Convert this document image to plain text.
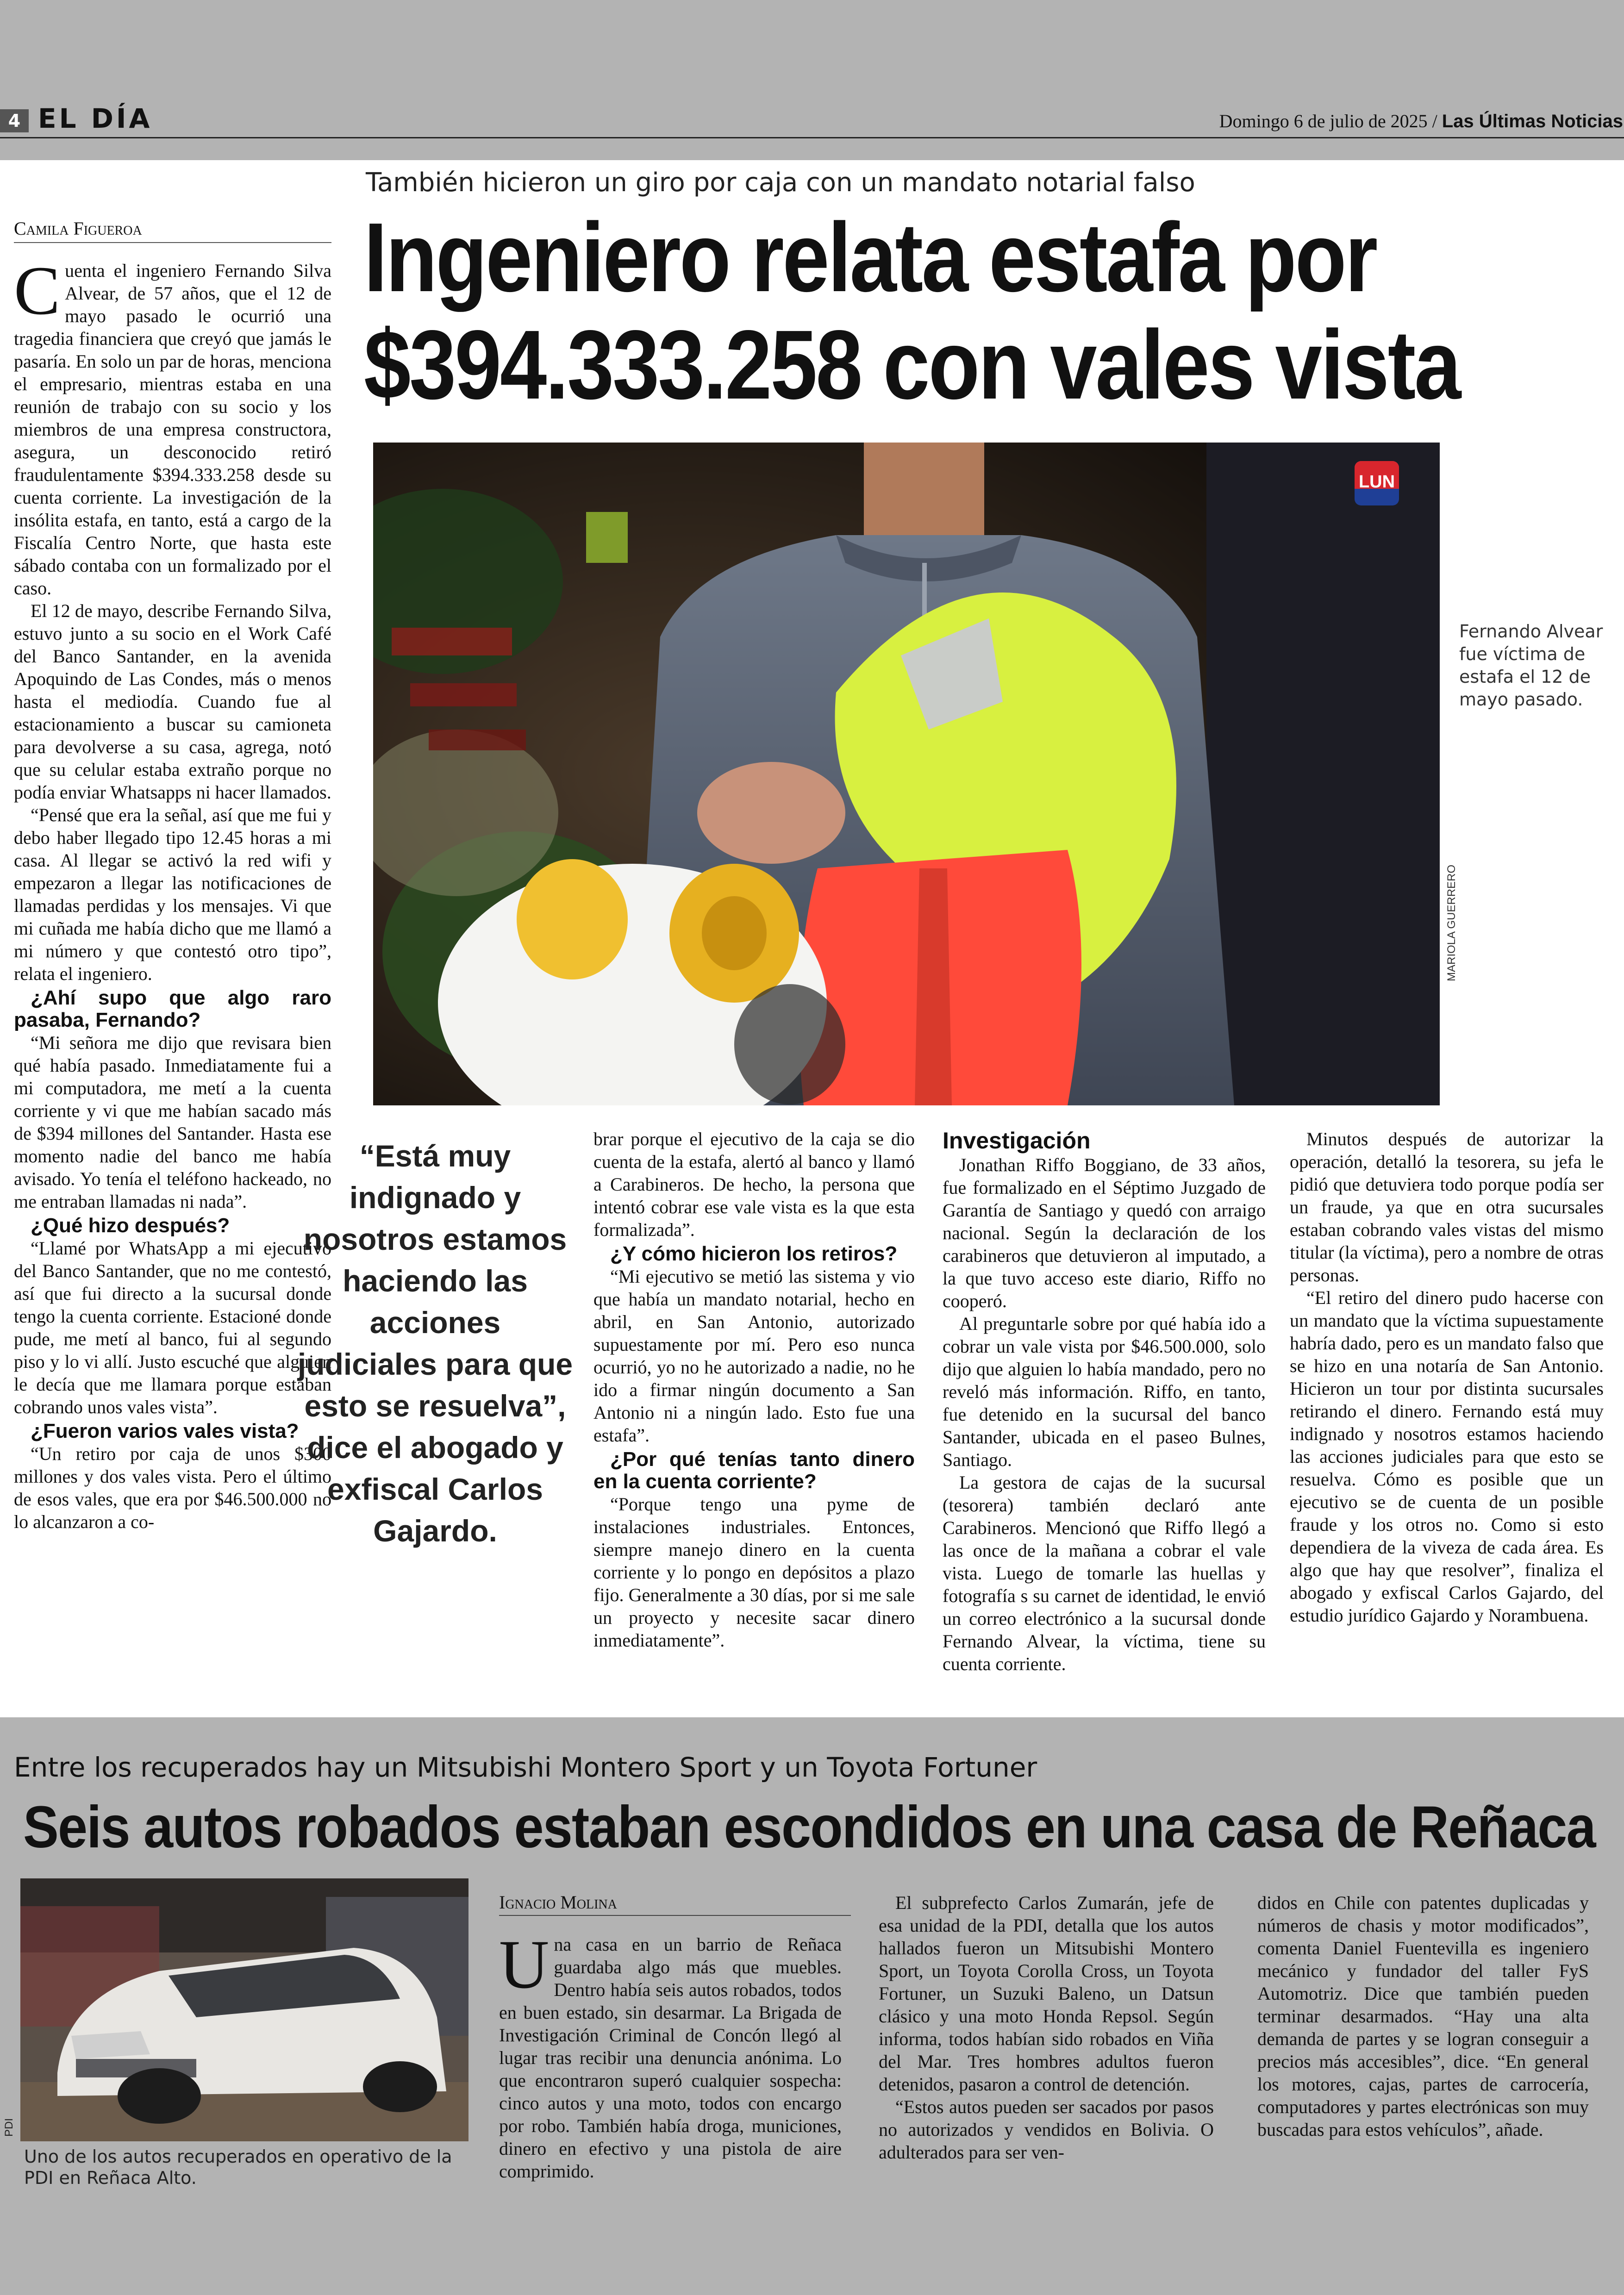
4 EL DÍA	Domingo 6 de julio de 2025 / Las Últimas Noticias
También hicieron un giro por caja con un mandato notarial falso
Ingeniero relata estafa por
$394.333.258 con vales vista
Camila Figueroa

Cuenta el ingeniero Fernando Silva Alvear, de 57 años, que el 12 de mayo pasado le ocurrió una tragedia financiera que creyó que jamás le pasaría. En solo un par de horas, menciona el empresario, mientras estaba en una reunión de trabajo con su socio y los miembros de una empresa constructora, asegura, un desconocido retiró fraudulentamente $394.333.258 desde su cuenta corriente. La investigación de la insólita estafa, en tanto, está a cargo de la Fiscalía Centro Norte, que hasta este sábado contaba con un formalizado por el caso.

El 12 de mayo, describe Fernando Silva, estuvo junto a su socio en el Work Café del Banco Santander, en la avenida Apoquindo de Las Condes, más o menos hasta el mediodía. Cuando fue al estacionamiento a buscar su camioneta para devolverse a su casa, agrega, notó que su celular estaba extraño porque no podía enviar Whatsapps ni hacer llamados.

“Pensé que era la señal, así que me fui y debo haber llegado tipo 12.45 horas a mi casa. Al llegar se activó la red wifi y empezaron a llegar las notificaciones de llamadas perdidas y los mensajes. Vi que mi cuñada me había dicho que me llamó a mi número y que contestó otro tipo”, relata el ingeniero.

¿Ahí supo que algo raro pasaba, Fernando?

“Mi señora me dijo que revisara bien qué había pasado. Inmediatamente fui a mi computadora, me metí a la cuenta corriente y vi que me habían sacado más de $394 millones del Santander. Hasta ese momento nadie del banco me había avisado. Yo tenía el teléfono hackeado, no me entraban llamadas ni nada”.

¿Qué hizo después?

“Llamé por WhatsApp a mi ejecutivo del Banco Santander, que no me contestó, así que fui directo a la sucursal donde tengo la cuenta corriente. Estacioné donde pude, me metí al banco, fui al segundo piso y lo vi allí. Justo escuché que alguien le decía que me llamara porque estaban cobrando unos vales vista”.

¿Fueron varios vales vista?

“Un retiro por caja de unos $300 millones y dos vales vista. Pero el último de esos vales, que era por $46.500.000 no lo alcanzaron a co-

LUN
MARIOLA GUERRERO
Fernando Alvear fue víctima de estafa el 12 de mayo pasado.
“Está muy indignado y nosotros estamos haciendo las acciones judiciales para que esto se resuelva”, dice el abogado y exfiscal Carlos Gajardo.

brar porque el ejecutivo de la caja se dio cuenta de la estafa, alertó al banco y llamó a Carabineros. De hecho, la persona que intentó cobrar ese vale vista es la que esta formalizada”.

¿Y cómo hicieron los retiros?

“Mi ejecutivo se metió las sistema y vio que había un mandato notarial, hecho en abril, en San Antonio, autorizado supuestamente por mí. Pero eso nunca ocurrió, yo no he autorizado a nadie, no he ido a firmar ningún documento a San Antonio ni a ningún lado. Esto fue una estafa”.

¿Por qué tenías tanto dinero en la cuenta corriente?

“Porque tengo una pyme de instalaciones industriales. Entonces, siempre manejo dinero en la cuenta corriente y lo pongo en depósitos a plazo fijo. Generalmente a 30 días, por si me sale un proyecto y necesite sacar dinero inmediatamente”.

Investigación

Jonathan Riffo Boggiano, de 33 años, fue formalizado en el Séptimo Juzgado de Garantía de Santiago y quedó con arraigo nacional. Según la declaración de los carabineros que detuvieron al imputado, a la que tuvo acceso este diario, Riffo no cooperó.

Al preguntarle sobre por qué había ido a cobrar un vale vista por $46.500.000, solo dijo que alguien lo había mandado, pero no reveló más información. Riffo, en tanto, fue detenido en la sucursal del banco Santander, ubicada en el paseo Bulnes, Santiago.

La gestora de cajas de la sucursal (tesorera) también declaró ante Carabineros. Mencionó que Riffo llegó a las once de la mañana a cobrar el vale vista. Luego de tomarle las huellas y fotografía s su carnet de identidad, le envió un correo electrónico a la sucursal donde Fernando Alvear, la víctima, tiene su cuenta corriente.

Minutos después de autorizar la operación, detalló la tesorera, su jefa le pidió que detuviera todo porque podía ser un fraude, ya que en otra sucursales estaban cobrando vales vistas del mismo titular (la víctima), pero a nombre de otras personas.

“El retiro del dinero pudo hacerse con un mandato que la víctima supuestamente habría dado, pero es un mandato falso que se hizo en una notaría de San Antonio. Hicieron un tour por distinta sucursales retirando el dinero. Fernando está muy indignado y nosotros estamos haciendo las acciones judiciales para que esto se resuelva. Cómo es posible que un ejecutivo se de cuenta de un posible fraude y los otros no. Como si esto dependiera de la viveza de cada área. Es algo que hay que resolver”, finaliza el abogado y exfiscal Carlos Gajardo, del estudio jurídico Gajardo y Norambuena.

Entre los recuperados hay un Mitsubishi Montero Sport y un Toyota Fortuner
Seis autos robados estaban escondidos en una casa de Reñaca
PDI
Uno de los autos recuperados en operativo de la PDI en Reñaca Alto.
Ignacio Molina

Una casa en un barrio de Reñaca guardaba algo más que muebles. Dentro había seis autos robados, todos en buen estado, sin desarmar. La Brigada de Investigación Criminal de Concón llegó al lugar tras recibir una denuncia anónima. Lo que encontraron superó cualquier sospecha: cinco autos y una moto, todos con encargo por robo. También había droga, municiones, dinero en efectivo y una pistola de aire comprimido.

El subprefecto Carlos Zumarán, jefe de esa unidad de la PDI, detalla que los autos hallados fueron un Mitsubishi Montero Sport, un Toyota Corolla Cross, un Toyota Fortuner, un Suzuki Baleno, un Datsun clásico y una moto Honda Repsol. Según informa, todos habían sido robados en Viña del Mar. Tres hombres adultos fueron detenidos, pasaron a control de detención.

“Estos autos pueden ser sacados por pasos no autorizados y vendidos en Bolivia. O adulterados para ser ven-

didos en Chile con patentes duplicadas y números de chasis y motor modificados”, comenta Daniel Fuentevilla es ingeniero mecánico y fundador del taller FyS Automotriz. Dice que también pueden terminar desarmados. “Hay una alta demanda de partes y se logran conseguir a precios más accesibles”, dice. “En general los motores, cajas, partes de carrocería, computadores y partes electrónicas son muy buscadas para estos vehículos”, añade.
